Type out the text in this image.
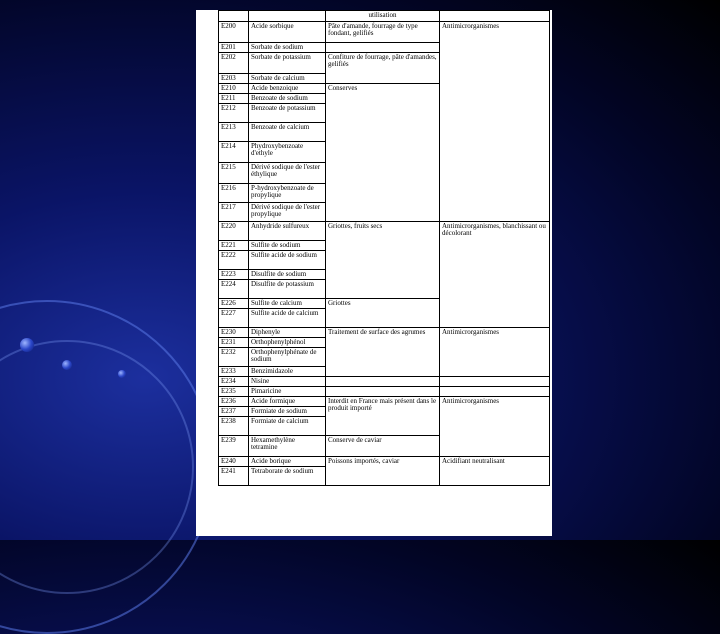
		utilisation	
E200	Acide sorbique	Pâte d'amande, fourrage de type fondant, gelifiés	Antimicrorganismes
E201	Sorbate de sodium		
E202	Sorbate de potassium	Confiture de fourrage, pâte d'amandes, gelifiés	
E203	Sorbate de calcium		
E210	Acide benzoique	Conserves	
E211	Benzoate de sodium		
E212	Benzoate de potassium		
E213	Benzoate de calcium		
E214	Phydroxybenzoate d'ethyle		
E215	Dérivé sodique de l'ester éthylique		
E216	P-hydroxybenzoate de propylique		
E217	Dérivé sodique de l'ester propylique		
E220	Anhydride sulfureux	Griottes, fruits secs	Antimicrorganismes, blanchissant ou décolorant
E221	Sulfite de sodium		
E222	Sulfite acide de sodium		
E223	Disulfite de sodium		
E224	Disulfite de potassium		
E226	Sulfite de calcium	Griottes	
E227	Sulfite acide de calcium		
E230	Diphenyle	Traitement de surface des agrumes	Antimicrorganismes
E231	Orthophenylphénol		
E232	Orthophenylphénate de sodium		
E233	Benzimidazole		
E234	Nisine		
E235	Pimaricine		
E236	Acide formique	Interdit en France mais présent dans le produit importé	Antimicrorganismes
E237	Formiate de sodium		
E238	Formiate de calcium		
E239	Hexamethylène tetramine	Conserve de caviar	
E240	Acide borique	Poissons importés, caviar	Acidifiant neutralisant
E241	Tetraborate de sodium		
